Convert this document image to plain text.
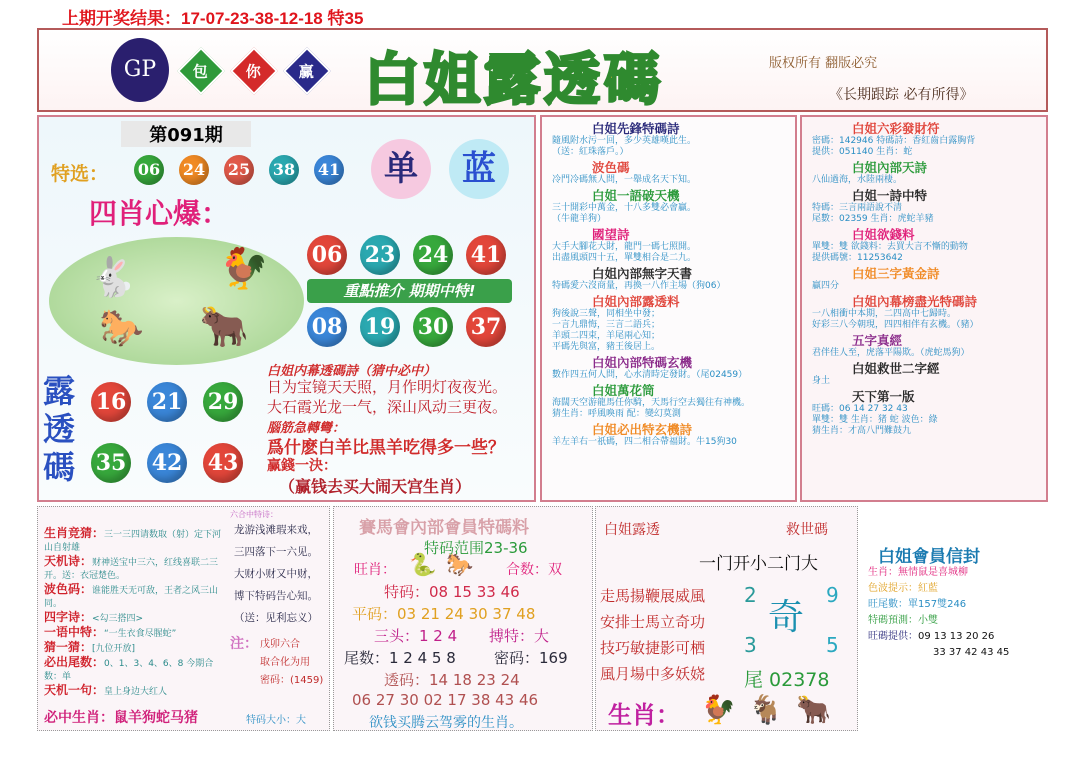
上期开奖结果：17-07-23-38-12-18 特35
GP	包	你	赢 白姐露透碼	版权所有 翻版必究
《长期跟踪 必有所得》
第091期
特选：	单	蓝
🐇 🐓
🐎 🐂
四肖心爆：
重點推介 期期中特!
露透碼
白姐内幕透碼詩（猜中必中）
日为宝镜天天照，月作明灯夜夜光。
大石霞光龙一气，深山风动三更夜。
腦筋急轉彎：
爲什麽白羊比黒羊吃得多一些？
赢錢一決：
（赢钱去买大闹天宫生肖）
06 24 25 38 41
06 23 24 41
08 19 30 37
16 21 29
35 42 43
白姐先鋒特碼詩

隨風附水污一回，多少英雄嘆此生。

（送：紅珠落戶。）

波色碼

冷門冷碼無人問，一舉成名天下知。

白姐一語破天機

三十開彩中萬金，十八多雙必會贏。

（牛龍羊狗）

國望詩

大手大腳花大財，龍門一碼七照開。

出盡風頭四十五，單雙相合是二九。

白姐內部無字天書

特碼愛六沒商量，再換一八作主場（狗06）

白姐內部露透料

狗後說三聲，同相坐中發；

一言九鼎悔，三言二語兵；

羊頭二四束，羊尾兩心知；

平碼先與富，豬王後居上。

白姐內部特碼玄機

數作四五何人問，心水清時定發財。（尾02459）

白姐萬花筒

海闊天空游龍馬任你騎，天馬行空去獨往有神機。

猜生肖：呼風喚雨 配：變幻莫測

白姐必出特玄機詩

羊左羊右一祇碼，四二相合帶福財。牛15狗30

白姐六彩發財符

密碼：142946 特碼詩：香紅齒白露胸背

提供：051140 生肖：蛇

白姐內部天詩

八仙過海，水陸兩棲。

白姐一詩中特

特碼：三言兩語說不清

尾數：02359 生肖：虎蛇羊豬

白姐欲錢料

單雙：雙 欲錢料：去買大言不慚的動物

提供碼號：11253642

白姐三字黃金詩

贏四分

白姐內幕榜盡光特碼詩

一八相衝中本期，二四高中七歸時。

好彩三八今朝現，四四相伴有玄機。（豬）

五字真經

君伴佳人至，虎落平陽欺。（虎蛇馬狗）

白姐救世二字經

身土

天下第一版

旺碼：06 14 27 32 43

單雙：雙 生肖：猪 蛇 波色：綠

猜生肖：才高八門難鼓九

生肖竞猜：三一三四请数取（射）定下河山自射雄
天机诗：财神送宝中三六，红线喜联二三开。送：衣冠楚色。
波色码：谁能胜天无可敌，王者之风三山同。
四字诗：<勾三搭四>
一语中特：“一生衣食尽腥蛇”
猜一猜：[九位开放]
必出尾数：0、1、3、4、6、8 今期合数：单
天机一句：皇上身边大红人
必中生肖：鼠羊狗蛇马猪	特码大小：大
六合中特诗：
龙游浅滩瑕来戏，
三四落下一六见。
大财小财又中财，
博下特码告心知。
（送：见利忘义）
注： 戊卯六合
取合化为用
密码：(1459)
賽馬會內部會員特碼料
特码范围23-36
旺肖： 🐍 🐎 合数：双
特码：08 15 33 46
平码：03 21 24 30 37 48
三头：1 2 4 搏特：大
尾数：1 2 4 5 8	密码：169
透码：14 18 23 24
06 27 30 02 17 38 43 46
欲钱买腾云驾雾的生肖。
白姐露透	救世碼
一门开小二门大
走馬揚鞭展威風
安排士馬立奇功
技巧敏捷影可栖
風月場中多妖娆
2	9
3	5
奇
尾 02378
生肖： 🐓 🐐 🐂
白姐會員信封
生肖：無情鼠是喜城柳
色波提示：紅藍
旺尾數：單157雙246
特碼預測：小雙
旺碼提供：09 13 13 20 26
33 37 42 43 45
